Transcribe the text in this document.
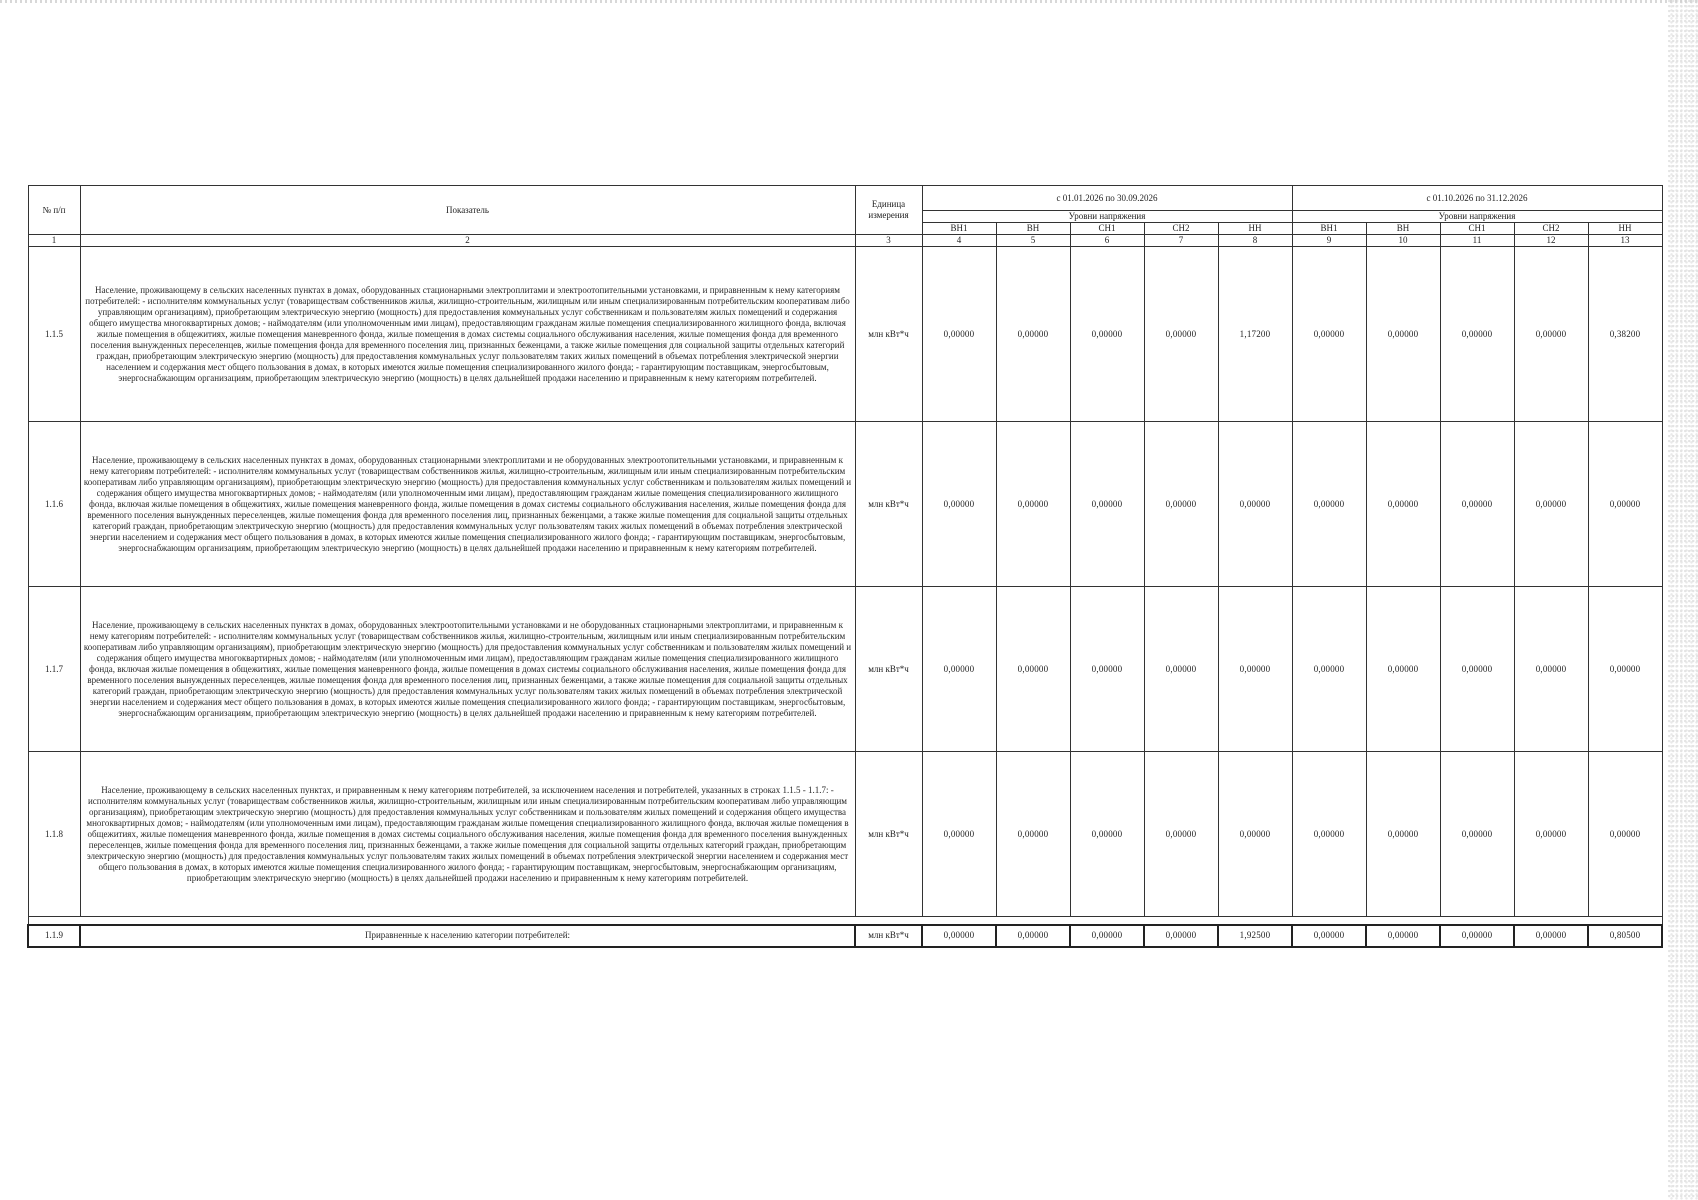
№ п/п	Показатель	Единица измерения	с 01.01.2026 по 30.09.2026					с 01.10.2026 по 31.12.2026				
			Уровни напряжения					Уровни напряжения				
			ВН1	ВН	СН1	СН2	НН	ВН1	ВН	СН1	СН2	НН
1	2	3	4	5	6	7	8	9	10	11	12	13
1.1.5	Население, проживающему в сельских населенных пунктах в домах, оборудованных стационарными электроплитами и электроотопительными установками, и приравненным к нему категориям потребителей: - исполнителям коммунальных услуг (товариществам собственников жилья, жилищно-строительным, жилищным или иным специализированным потребительским кооперативам либо управляющим организациям), приобретающим электрическую энергию (мощность) для предоставления коммунальных услуг собственникам и пользователям жилых помещений и содержания общего имущества многоквартирных домов; - наймодателям (или уполномоченным ими лицам), предоставляющим гражданам жилые помещения специализированного жилищного фонда, включая жилые помещения в общежитиях, жилые помещения маневренного фонда, жилые помещения в домах системы социального обслуживания населения, жилые помещения фонда для временного поселения вынужденных переселенцев, жилые помещения фонда для временного поселения лиц, признанных беженцами, а также жилые помещения для социальной защиты отдельных категорий граждан, приобретающим электрическую энергию (мощность) для предоставления коммунальных услуг пользователям таких жилых помещений в объемах потребления электрической энергии населением и содержания мест общего пользования в домах, в которых имеются жилые помещения специализированного жилого фонда; - гарантирующим поставщикам, энергосбытовым, энергоснабжающим организациям, приобретающим электрическую энергию (мощность) в целях дальнейшей продажи населению и приравненным к нему категориям потребителей.	млн кВт*ч	0,00000	0,00000	0,00000	0,00000	1,17200	0,00000	0,00000	0,00000	0,00000	0,38200
1.1.6	Население, проживающему в сельских населенных пунктах в домах, оборудованных стационарными электроплитами и не оборудованных электроотопительными установками, и приравненным к нему категориям потребителей: - исполнителям коммунальных услуг (товариществам собственников жилья, жилищно-строительным, жилищным или иным специализированным потребительским кооперативам либо управляющим организациям), приобретающим электрическую энергию (мощность) для предоставления коммунальных услуг собственникам и пользователям жилых помещений и содержания общего имущества многоквартирных домов; - наймодателям (или уполномоченным ими лицам), предоставляющим гражданам жилые помещения специализированного жилищного фонда, включая жилые помещения в общежитиях, жилые помещения маневренного фонда, жилые помещения в домах системы социального обслуживания населения, жилые помещения фонда для временного поселения вынужденных переселенцев, жилые помещения фонда для временного поселения лиц, признанных беженцами, а также жилые помещения для социальной защиты отдельных категорий граждан, приобретающим электрическую энергию (мощность) для предоставления коммунальных услуг пользователям таких жилых помещений в объемах потребления электрической энергии населением и содержания мест общего пользования в домах, в которых имеются жилые помещения специализированного жилого фонда; - гарантирующим поставщикам, энергосбытовым, энергоснабжающим организациям, приобретающим электрическую энергию (мощность) в целях дальнейшей продажи населению и приравненным к нему категориям потребителей.	млн кВт*ч	0,00000	0,00000	0,00000	0,00000	0,00000	0,00000	0,00000	0,00000	0,00000	0,00000
1.1.7	Население, проживающему в сельских населенных пунктах в домах, оборудованных электроотопительными установками и не оборудованных стационарными электроплитами, и приравненным к нему категориям потребителей: - исполнителям коммунальных услуг (товариществам собственников жилья, жилищно-строительным, жилищным или иным специализированным потребительским кооперативам либо управляющим организациям), приобретающим электрическую энергию (мощность) для предоставления коммунальных услуг собственникам и пользователям жилых помещений и содержания общего имущества многоквартирных домов; - наймодателям (или уполномоченным ими лицам), предоставляющим гражданам жилые помещения специализированного жилищного фонда, включая жилые помещения в общежитиях, жилые помещения маневренного фонда, жилые помещения в домах системы социального обслуживания населения, жилые помещения фонда для временного поселения вынужденных переселенцев, жилые помещения фонда для временного поселения лиц, признанных беженцами, а также жилые помещения для социальной защиты отдельных категорий граждан, приобретающим электрическую энергию (мощность) для предоставления коммунальных услуг пользователям таких жилых помещений в объемах потребления электрической энергии населением и содержания мест общего пользования в домах, в которых имеются жилые помещения специализированного жилого фонда; - гарантирующим поставщикам, энергосбытовым, энергоснабжающим организациям, приобретающим электрическую энергию (мощность) в целях дальнейшей продажи населению и приравненным к нему категориям потребителей.	млн кВт*ч	0,00000	0,00000	0,00000	0,00000	0,00000	0,00000	0,00000	0,00000	0,00000	0,00000
1.1.8	Население, проживающему в сельских населенных пунктах, и приравненным к нему категориям потребителей, за исключением населения и потребителей, указанных в строках 1.1.5 - 1.1.7: - исполнителям коммунальных услуг (товариществам собственников жилья, жилищно-строительным, жилищным или иным специализированным потребительским кооперативам либо управляющим организациям), приобретающим электрическую энергию (мощность) для предоставления коммунальных услуг собственникам и пользователям жилых помещений и содержания общего имущества многоквартирных домов; - наймодателям (или уполномоченным ими лицам), предоставляющим гражданам жилые помещения специализированного жилищного фонда, включая жилые помещения в общежитиях, жилые помещения маневренного фонда, жилые помещения в домах системы социального обслуживания населения, жилые помещения фонда для временного поселения вынужденных переселенцев, жилые помещения фонда для временного поселения лиц, признанных беженцами, а также жилые помещения для социальной защиты отдельных категорий граждан, приобретающим электрическую энергию (мощность) для предоставления коммунальных услуг пользователям таких жилых помещений в объемах потребления электрической энергии населением и содержания мест общего пользования в домах, в которых имеются жилые помещения специализированного жилого фонда; - гарантирующим поставщикам, энергосбытовым, энергоснабжающим организациям, приобретающим электрическую энергию (мощность) в целях дальнейшей продажи населению и приравненным к нему категориям потребителей.	млн кВт*ч	0,00000	0,00000	0,00000	0,00000	0,00000	0,00000	0,00000	0,00000	0,00000	0,00000

1.1.9	Приравненные к населению категории потребителей:	млн кВт*ч	0,00000	0,00000	0,00000	0,00000	1,92500	0,00000	0,00000	0,00000	0,00000	0,80500
